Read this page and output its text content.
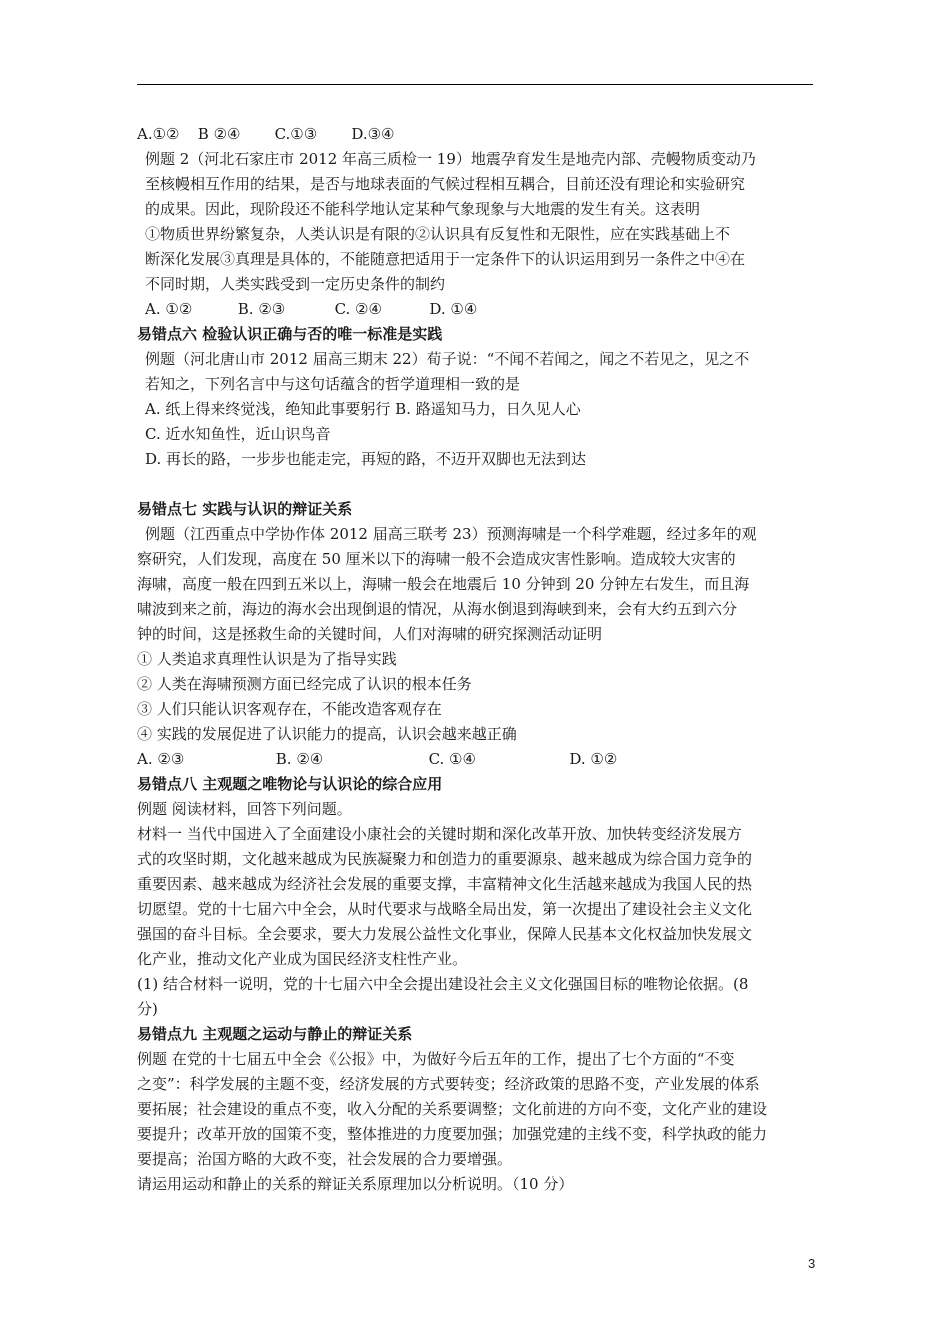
A.①② B ②④ C.①③ D.③④
例题 2（河北石家庄市 2012 年高三质检一 19）地震孕育发生是地壳内部、壳幔物质变动乃
至核幔相互作用的结果，是否与地球表面的气候过程相互耦合，目前还没有理论和实验研究
的成果。因此，现阶段还不能科学地认定某种气象现象与大地震的发生有关。这表明
①物质世界纷繁复杂，人类认识是有限的②认识具有反复性和无限性，应在实践基础上不
断深化发展③真理是具体的，不能随意把适用于一定条件下的认识运用到另一条件之中④在
不同时期，人类实践受到一定历史条件的制约
A. ①②	B. ②③	C. ②④	D. ①④
易错点六 检验认识正确与否的唯一标准是实践
例题（河北唐山市 2012 届高三期末 22）荀子说：“不闻不若闻之，闻之不若见之，见之不
若知之，下列名言中与这句话蕴含的哲学道理相一致的是
A. 纸上得来终觉浅，绝知此事要躬行 B. 路遥知马力，日久见人心
C. 近水知鱼性，近山识鸟音
D. 再长的路，一步步也能走完，再短的路，不迈开双脚也无法到达
易错点七 实践与认识的辩证关系
例题（江西重点中学协作体 2012 届高三联考 23）预测海啸是一个科学难题，经过多年的观
察研究，人们发现，高度在 50 厘米以下的海啸一般不会造成灾害性影响。造成较大灾害的
海啸，高度一般在四到五米以上，海啸一般会在地震后 10 分钟到 20 分钟左右发生，而且海
啸波到来之前，海边的海水会出现倒退的情况，从海水倒退到海峡到来，会有大约五到六分
钟的时间，这是拯救生命的关键时间，人们对海啸的研究探测活动证明
① 人类追求真理性认识是为了指导实践
② 人类在海啸预测方面已经完成了认识的根本任务
③ 人们只能认识客观存在，不能改造客观存在
④ 实践的发展促进了认识能力的提高，认识会越来越正确
A. ②③	B. ②④	C. ①④	D. ①②
易错点八 主观题之唯物论与认识论的综合应用
例题 阅读材料，回答下列问题。
材料一 当代中国进入了全面建设小康社会的关键时期和深化改革开放、加快转变经济发展方
式的攻坚时期，文化越来越成为民族凝聚力和创造力的重要源泉、越来越成为综合国力竞争的
重要因素、越来越成为经济社会发展的重要支撑，丰富精神文化生活越来越成为我国人民的热
切愿望。党的十七届六中全会，从时代要求与战略全局出发，第一次提出了建设社会主义文化
强国的奋斗目标。全会要求，要大力发展公益性文化事业，保障人民基本文化权益加快发展文
化产业，推动文化产业成为国民经济支柱性产业。
(1) 结合材料一说明，党的十七届六中全会提出建设社会主义文化强国目标的唯物论依据。(8
分)
易错点九 主观题之运动与静止的辩证关系
例题 在党的十七届五中全会《公报》中，为做好今后五年的工作，提出了七个方面的“不变
之变”：科学发展的主题不变，经济发展的方式要转变；经济政策的思路不变，产业发展的体系
要拓展；社会建设的重点不变，收入分配的关系要调整；文化前进的方向不变，文化产业的建设
要提升；改革开放的国策不变，整体推进的力度要加强；加强党建的主线不变，科学执政的能力
要提高；治国方略的大政不变，社会发展的合力要增强。
请运用运动和静止的关系的辩证关系原理加以分析说明。（10 分）
3
